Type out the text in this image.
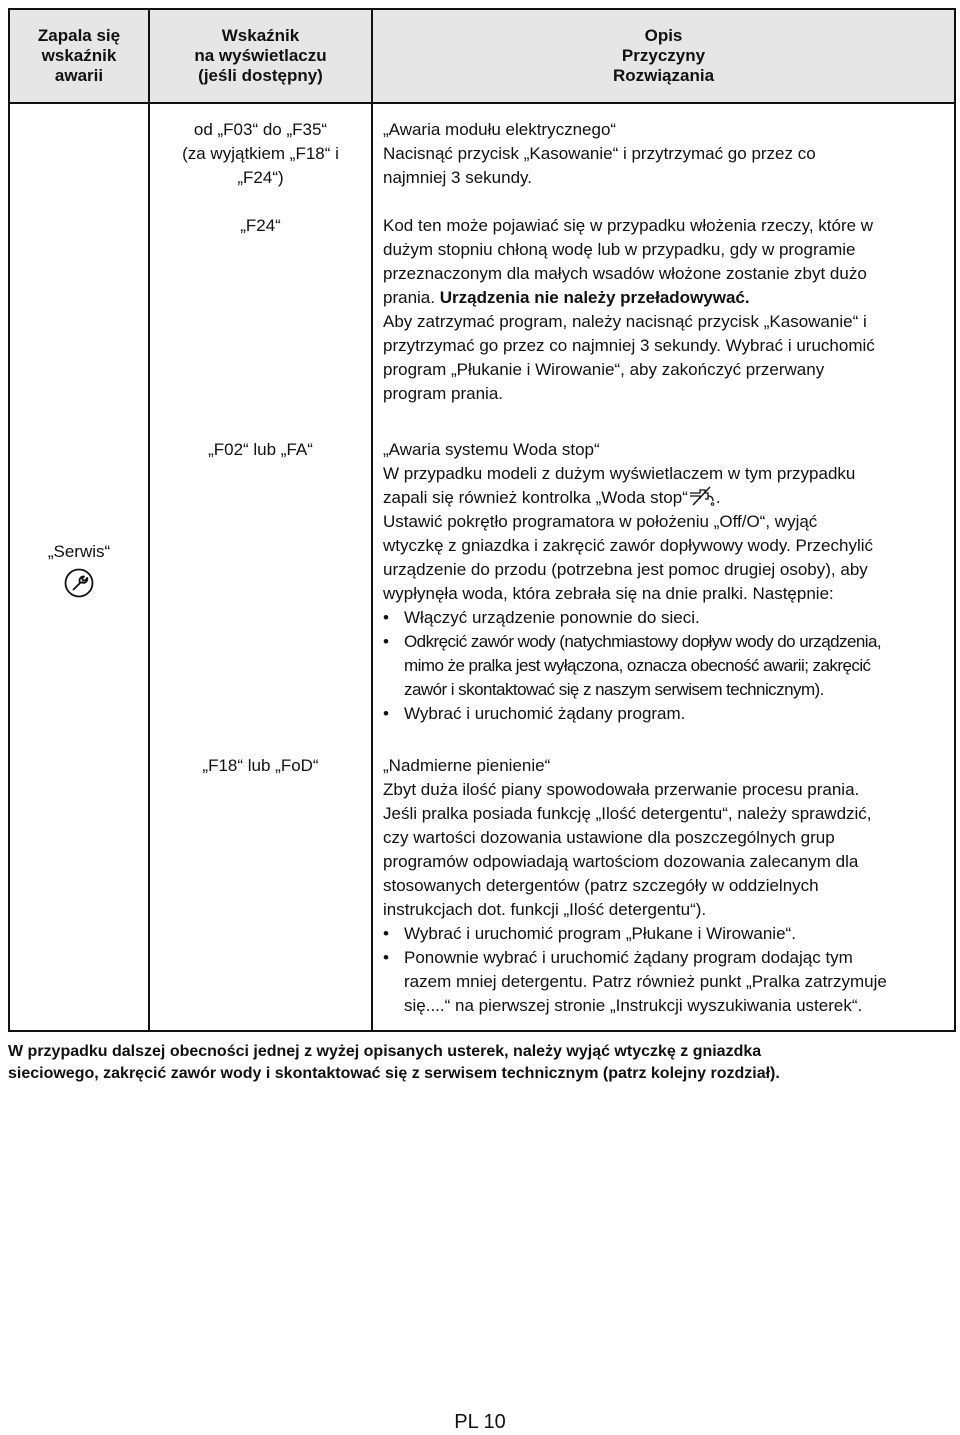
Zapala się
wskaźnik
awarii
Wskaźnik
na wyświetlaczu
(jeśli dostępny)
Opis
Przyczyny
Rozwiązania
„Serwis“
od „F03“ do „F35“
(za wyjątkiem „F18“ i
„F24“)
„F24“
„F02“ lub „FA“
„F18“ lub „FoD“

„Awaria modułu elektrycznego“

Nacisnąć przycisk „Kasowanie“ i przytrzymać go przez co

najmniej 3 sekundy.

Kod ten może pojawiać się w przypadku włożenia rzeczy, które w

dużym stopniu chłoną wodę lub w przypadku, gdy w programie

przeznaczonym dla małych wsadów włożone zostanie zbyt dużo

prania. Urządzenia nie należy przeładowywać.

Aby zatrzymać program, należy nacisnąć przycisk „Kasowanie“ i

przytrzymać go przez co najmniej 3 sekundy. Wybrać i uruchomić

program „Płukanie i Wirowanie“, aby zakończyć przerwany

program prania.

„Awaria systemu Woda stop“

W przypadku modeli z dużym wyświetlaczem w tym przypadku

zapali się również kontrolka „Woda stop“ .

Ustawić pokrętło programatora w położeniu „Off/O“, wyjąć

wtyczkę z gniazdka i zakręcić zawór dopływowy wody. Przechylić

urządzenie do przodu (potrzebna jest pomoc drugiej osoby), aby

wypłynęła woda, która zebrała się na dnie pralki. Następnie:

• Włączyć urządzenie ponownie do sieci.
• Odkręcić zawór wody (natychmiastowy dopływ wody do urządzenia,
mimo że pralka jest wyłączona, oznacza obecność awarii; zakręcić
zawór i skontaktować się z naszym serwisem technicznym).
• Wybrać i uruchomić żądany program.

„Nadmierne pienienie“

Zbyt duża ilość piany spowodowała przerwanie procesu prania.

Jeśli pralka posiada funkcję „Ilość detergentu“, należy sprawdzić,

czy wartości dozowania ustawione dla poszczególnych grup

programów odpowiadają wartościom dozowania zalecanym dla

stosowanych detergentów (patrz szczegóły w oddzielnych

instrukcjach dot. funkcji „Ilość detergentu“).

• Wybrać i uruchomić program „Płukane i Wirowanie“.
• Ponownie wybrać i uruchomić żądany program dodając tym
razem mniej detergentu. Patrz również punkt „Pralka zatrzymuje
się....“ na pierwszej stronie „Instrukcji wyszukiwania usterek“.
W przypadku dalszej obecności jednej z wyżej opisanych usterek, należy wyjąć wtyczkę z gniazdka
sieciowego, zakręcić zawór wody i skontaktować się z serwisem technicznym (patrz kolejny rozdział).
PL 10
